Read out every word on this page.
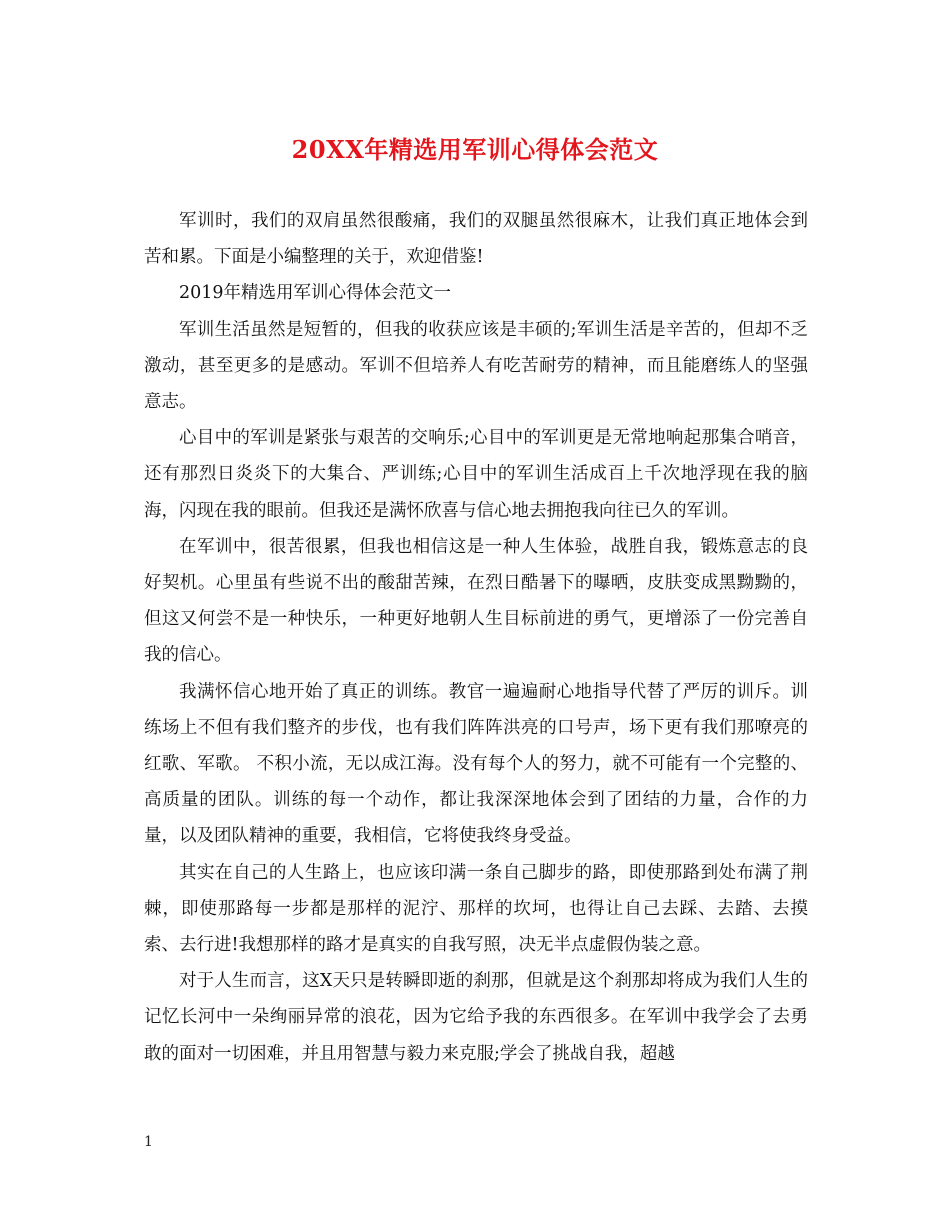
20XX年精选用军训心得体会范文

军训时，我们的双肩虽然很酸痛，我们的双腿虽然很麻木，让我们真正地体会到苦和累。下面是小编整理的关于，欢迎借鉴!

2019年精选用军训心得体会范文一

军训生活虽然是短暂的，但我的收获应该是丰硕的;军训生活是辛苦的，但却不乏激动，甚至更多的是感动。军训不但培养人有吃苦耐劳的精神，而且能磨练人的坚强意志。

心目中的军训是紧张与艰苦的交响乐;心目中的军训更是无常地响起那集合哨音，还有那烈日炎炎下的大集合、严训练;心目中的军训生活成百上千次地浮现在我的脑海，闪现在我的眼前。但我还是满怀欣喜与信心地去拥抱我向往已久的军训。

在军训中，很苦很累，但我也相信这是一种人生体验，战胜自我，锻炼意志的良好契机。心里虽有些说不出的酸甜苦辣，在烈日酷暑下的曝晒，皮肤变成黑黝黝的，但这又何尝不是一种快乐，一种更好地朝人生目标前进的勇气，更增添了一份完善自我的信心。

我满怀信心地开始了真正的训练。教官一遍遍耐心地指导代替了严厉的训斥。训练场上不但有我们整齐的步伐，也有我们阵阵洪亮的口号声，场下更有我们那嘹亮的红歌、军歌。 不积小流，无以成江海。没有每个人的努力，就不可能有一个完整的、高质量的团队。训练的每一个动作，都让我深深地体会到了团结的力量，合作的力量，以及团队精神的重要，我相信，它将使我终身受益。

其实在自己的人生路上，也应该印满一条自己脚步的路，即使那路到处布满了荆棘，即使那路每一步都是那样的泥泞、那样的坎坷，也得让自己去踩、去踏、去摸索、去行进!我想那样的路才是真实的自我写照，决无半点虚假伪装之意。

对于人生而言，这X天只是转瞬即逝的刹那，但就是这个刹那却将成为我们人生的记忆长河中一朵绚丽异常的浪花，因为它给予我的东西很多。在军训中我学会了去勇敢的面对一切困难，并且用智慧与毅力来克服;学会了挑战自我，超越

1
